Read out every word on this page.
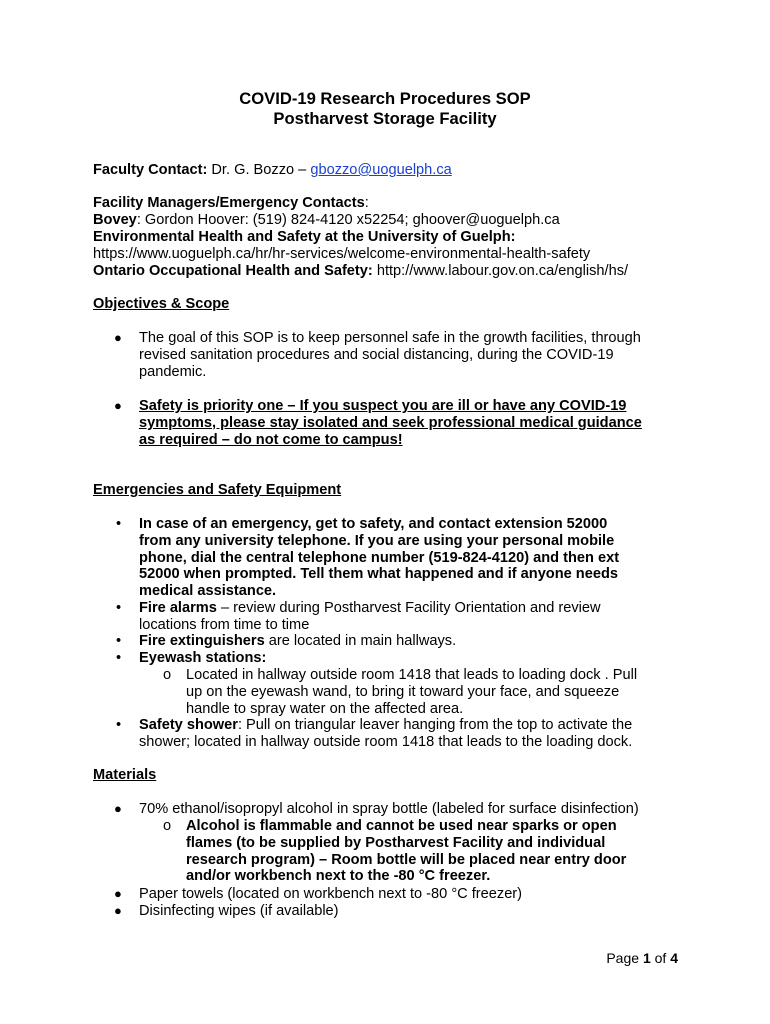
COVID-19 Research Procedures SOP
Postharvest Storage Facility
Faculty Contact: Dr. G. Bozzo – gbozzo@uoguelph.ca
Facility Managers/Emergency Contacts:
Bovey: Gordon Hoover: (519) 824-4120 x52254; ghoover@uoguelph.ca
Environmental Health and Safety at the University of Guelph:
https://www.uoguelph.ca/hr/hr-services/welcome-environmental-health-safety
Ontario Occupational Health and Safety: http://www.labour.gov.on.ca/english/hs/
Objectives & Scope
● The goal of this SOP is to keep personnel safe in the growth facilities, through
revised sanitation procedures and social distancing, during the COVID-19
pandemic.
● Safety is priority one – If you suspect you are ill or have any COVID-19
symptoms, please stay isolated and seek professional medical guidance
as required – do not come to campus!
Emergencies and Safety Equipment
• In case of an emergency, get to safety, and contact extension 52000
from any university telephone. If you are using your personal mobile
phone, dial the central telephone number (519-824-4120) and then ext
52000 when prompted. Tell them what happened and if anyone needs
medical assistance.
• Fire alarms – review during Postharvest Facility Orientation and review
locations from time to time
• Fire extinguishers are located in main hallways.
• Eyewash stations:
o Located in hallway outside room 1418 that leads to loading dock . Pull
up on the eyewash wand, to bring it toward your face, and squeeze
handle to spray water on the affected area.
• Safety shower: Pull on triangular leaver hanging from the top to activate the
shower; located in hallway outside room 1418 that leads to the loading dock.
Materials
● 70% ethanol/isopropyl alcohol in spray bottle (labeled for surface disinfection)
o Alcohol is flammable and cannot be used near sparks or open
flames (to be supplied by Postharvest Facility and individual
research program) – Room bottle will be placed near entry door
and/or workbench next to the -80 °C freezer.
● Paper towels (located on workbench next to -80 °C freezer)
● Disinfecting wipes (if available)
Page 1 of 4
